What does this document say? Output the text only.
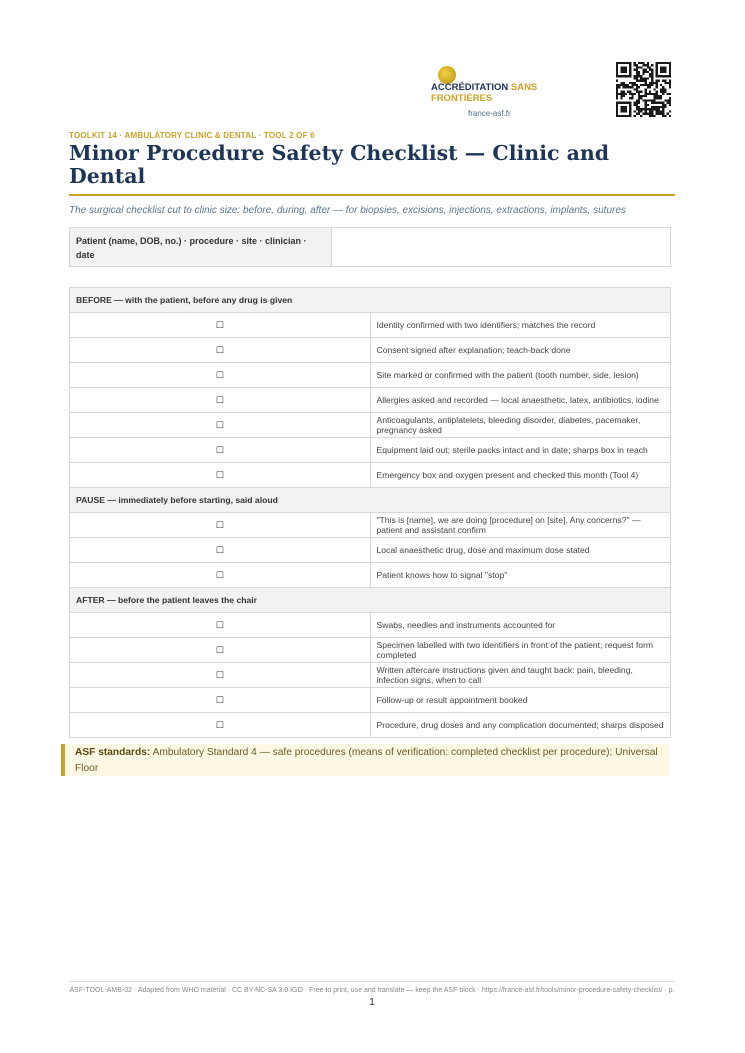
ACCRÉDITATION SANS FRONTIÈRES
france-asf.fr
TOOLKIT 14 · AMBULATORY CLINIC & DENTAL · TOOL 2 OF 6
Minor Procedure Safety Checklist — Clinic and Dental
The surgical checklist cut to clinic size: before, during, after — for biopsies, excisions, injections, extractions, implants, sutures
Patient (name, DOB, no.) · procedure · site · clinician · date
BEFORE — with the patient, before any drug is given	
☐	Identity confirmed with two identifiers; matches the record
☐	Consent signed after explanation; teach-back done
☐	Site marked or confirmed with the patient (tooth number, side, lesion)
☐	Allergies asked and recorded — local anaesthetic, latex, antibiotics, iodine
☐	Anticoagulants, antiplatelets, bleeding disorder, diabetes, pacemaker, pregnancy asked
☐	Equipment laid out; sterile packs intact and in date; sharps box in reach
☐	Emergency box and oxygen present and checked this month (Tool 4)
PAUSE — immediately before starting, said aloud	
☐	"This is [name], we are doing [procedure] on [site]. Any concerns?" — patient and assistant confirm
☐	Local anaesthetic drug, dose and maximum dose stated
☐	Patient knows how to signal "stop"
AFTER — before the patient leaves the chair	
☐	Swabs, needles and instruments accounted for
☐	Specimen labelled with two identifiers in front of the patient; request form completed
☐	Written aftercare instructions given and taught back: pain, bleeding, infection signs, when to call
☐	Follow-up or result appointment booked
☐	Procedure, drug doses and any complication documented; sharps disposed
ASF standards: Ambulatory Standard 4 — safe procedures (means of verification: completed checklist per procedure); Universal Floor
ASF-TOOL-AMB-02 · Adapted from WHO material · CC BY-NC-SA 3.0 IGO · Free to print, use and translate — keep the ASF block · https://france-asf.fr/tools/minor-procedure-safety-checklist/ · p. 1
